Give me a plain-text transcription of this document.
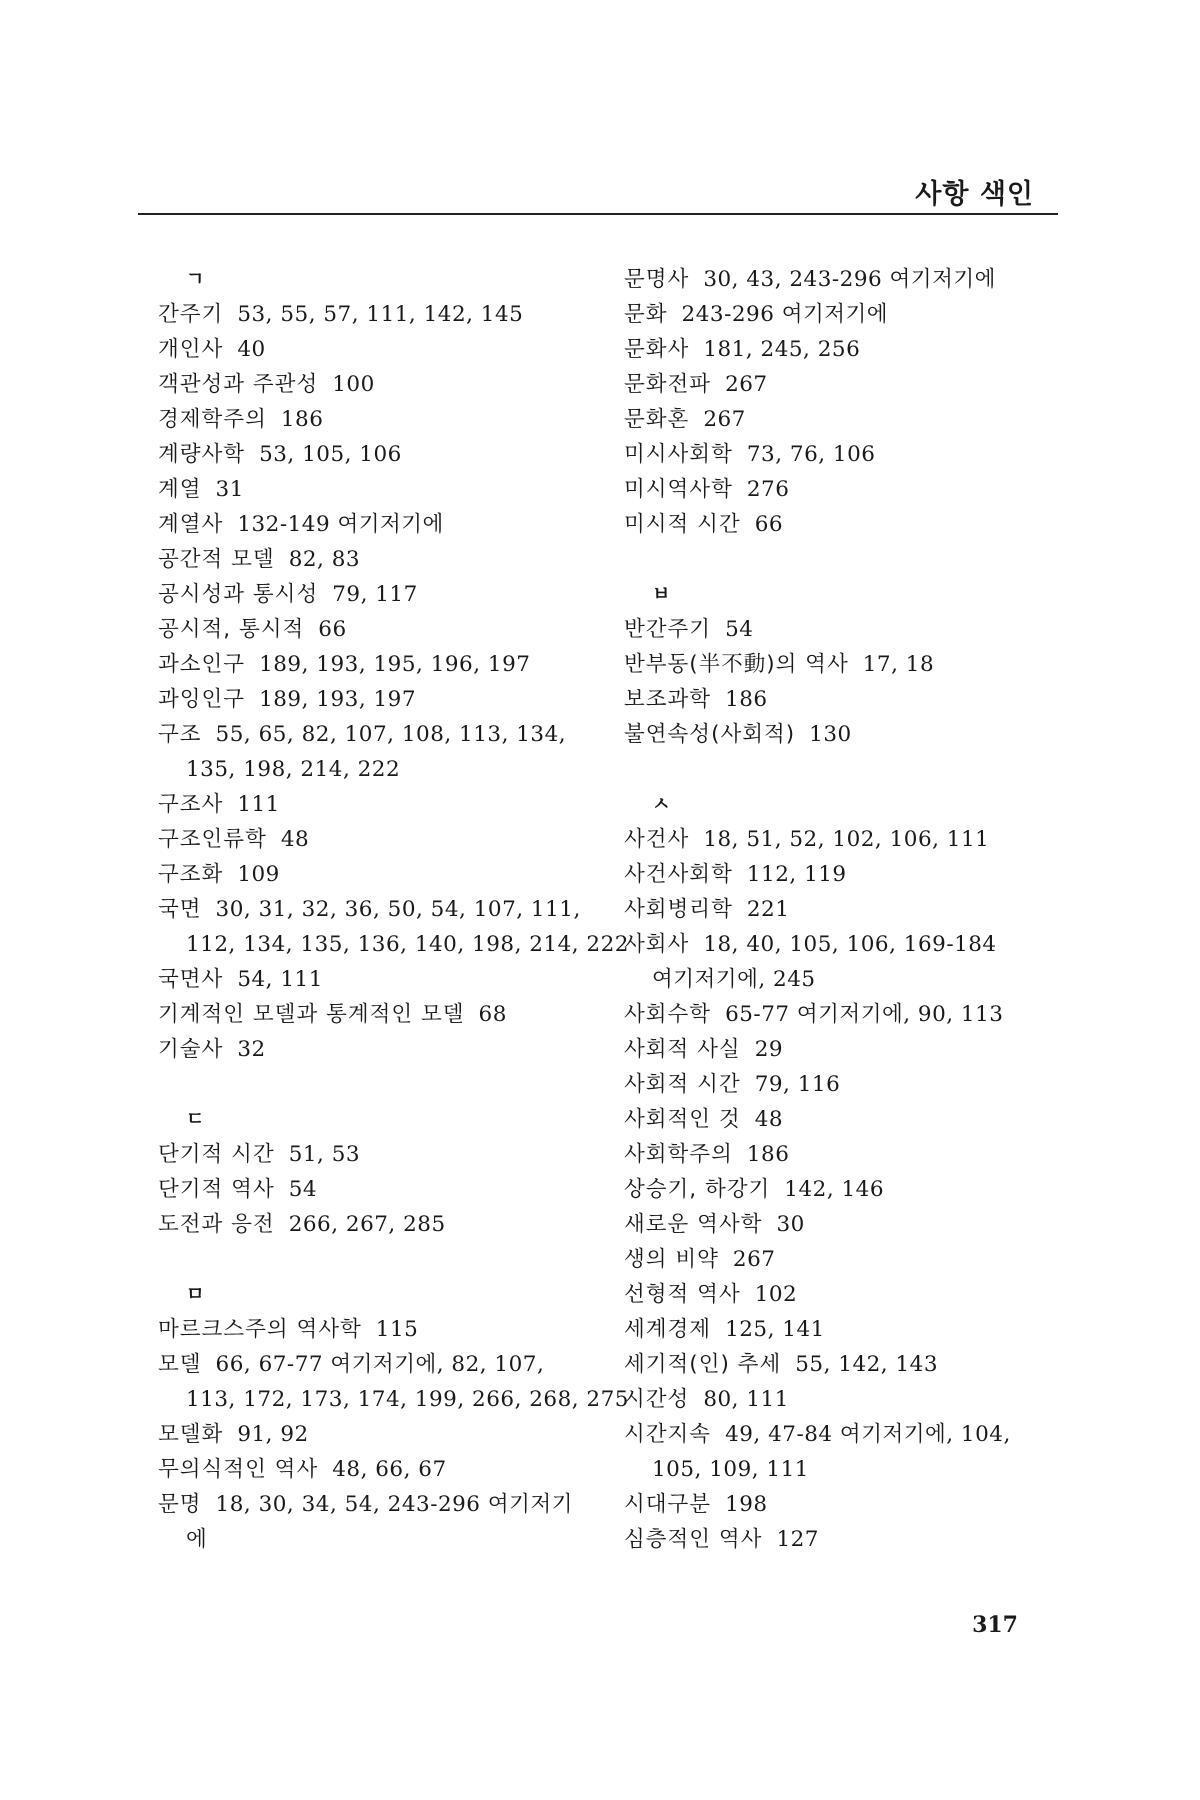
사항 색인
ㄱ
간주기 53, 55, 57, 111, 142, 145
개인사 40
객관성과 주관성 100
경제학주의 186
계량사학 53, 105, 106
계열 31
계열사 132-149 여기저기에
공간적 모델 82, 83
공시성과 통시성 79, 117
공시적, 통시적 66
과소인구 189, 193, 195, 196, 197
과잉인구 189, 193, 197
구조 55, 65, 82, 107, 108, 113, 134,
135, 198, 214, 222
구조사 111
구조인류학 48
구조화 109
국면 30, 31, 32, 36, 50, 54, 107, 111,
112, 134, 135, 136, 140, 198, 214, 222
국면사 54, 111
기계적인 모델과 통계적인 모델 68
기술사 32
ㄷ
단기적 시간 51, 53
단기적 역사 54
도전과 응전 266, 267, 285
ㅁ
마르크스주의 역사학 115
모델 66, 67-77 여기저기에, 82, 107,
113, 172, 173, 174, 199, 266, 268, 275
모델화 91, 92
무의식적인 역사 48, 66, 67
문명 18, 30, 34, 54, 243-296 여기저기
에
문명사 30, 43, 243-296 여기저기에
문화 243-296 여기저기에
문화사 181, 245, 256
문화전파 267
문화혼 267
미시사회학 73, 76, 106
미시역사학 276
미시적 시간 66
ㅂ
반간주기 54
반부동(半不動)의 역사 17, 18
보조과학 186
불연속성(사회적) 130
ㅅ
사건사 18, 51, 52, 102, 106, 111
사건사회학 112, 119
사회병리학 221
사회사 18, 40, 105, 106, 169-184
여기저기에, 245
사회수학 65-77 여기저기에, 90, 113
사회적 사실 29
사회적 시간 79, 116
사회적인 것 48
사회학주의 186
상승기, 하강기 142, 146
새로운 역사학 30
생의 비약 267
선형적 역사 102
세계경제 125, 141
세기적(인) 추세 55, 142, 143
시간성 80, 111
시간지속 49, 47-84 여기저기에, 104,
105, 109, 111
시대구분 198
심층적인 역사 127
317
